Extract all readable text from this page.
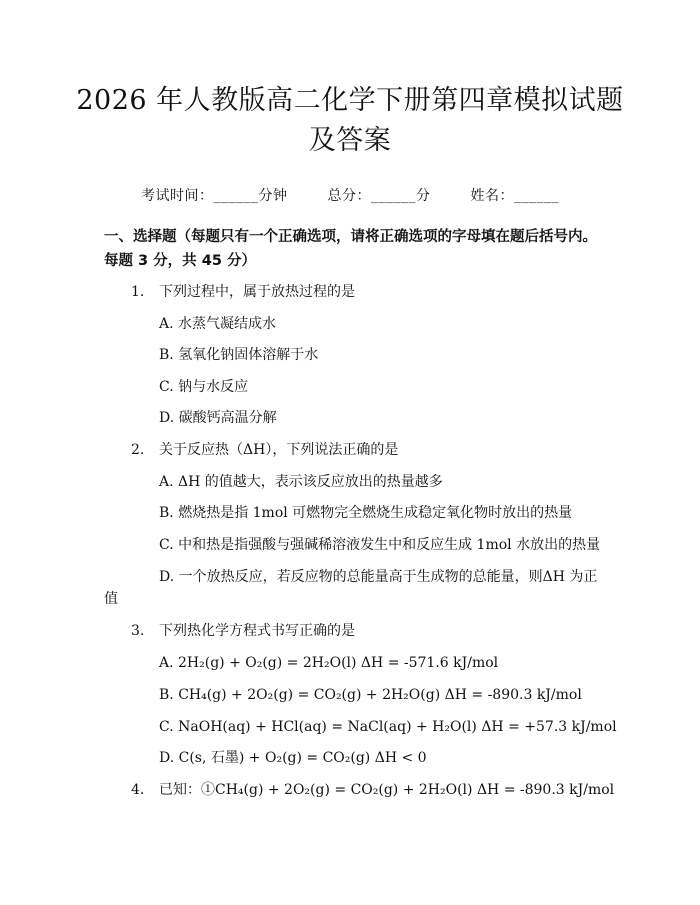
2026 年人教版高二化学下册第四章模拟试题
及答案
考试时间：______分钟	总分：______分	姓名：______
一、选择题（每题只有一个正确选项，请将正确选项的字母填在题后括号内。每题 3 分，共 45 分）
1. 下列过程中，属于放热过程的是
A. 水蒸气凝结成水
B. 氢氧化钠固体溶解于水
C. 钠与水反应
D. 碳酸钙高温分解
2. 关于反应热（ΔH），下列说法正确的是
A. ΔH 的值越大，表示该反应放出的热量越多
B. 燃烧热是指 1mol 可燃物完全燃烧生成稳定氧化物时放出的热量
C. 中和热是指强酸与强碱稀溶液发生中和反应生成 1mol 水放出的热量
D. 一个放热反应，若反应物的总能量高于生成物的总能量，则ΔH 为正
值
3. 下列热化学方程式书写正确的是
A. 2H₂(g) + O₂(g) = 2H₂O(l) ΔH = -571.6 kJ/mol
B. CH₄(g) + 2O₂(g) = CO₂(g) + 2H₂O(g) ΔH = -890.3 kJ/mol
C. NaOH(aq) + HCl(aq) = NaCl(aq) + H₂O(l) ΔH = +57.3 kJ/mol
D. C(s, 石墨) + O₂(g) = CO₂(g) ΔH < 0
4. 已知：①CH₄(g) + 2O₂(g) = CO₂(g) + 2H₂O(l) ΔH = -890.3 kJ/mol
